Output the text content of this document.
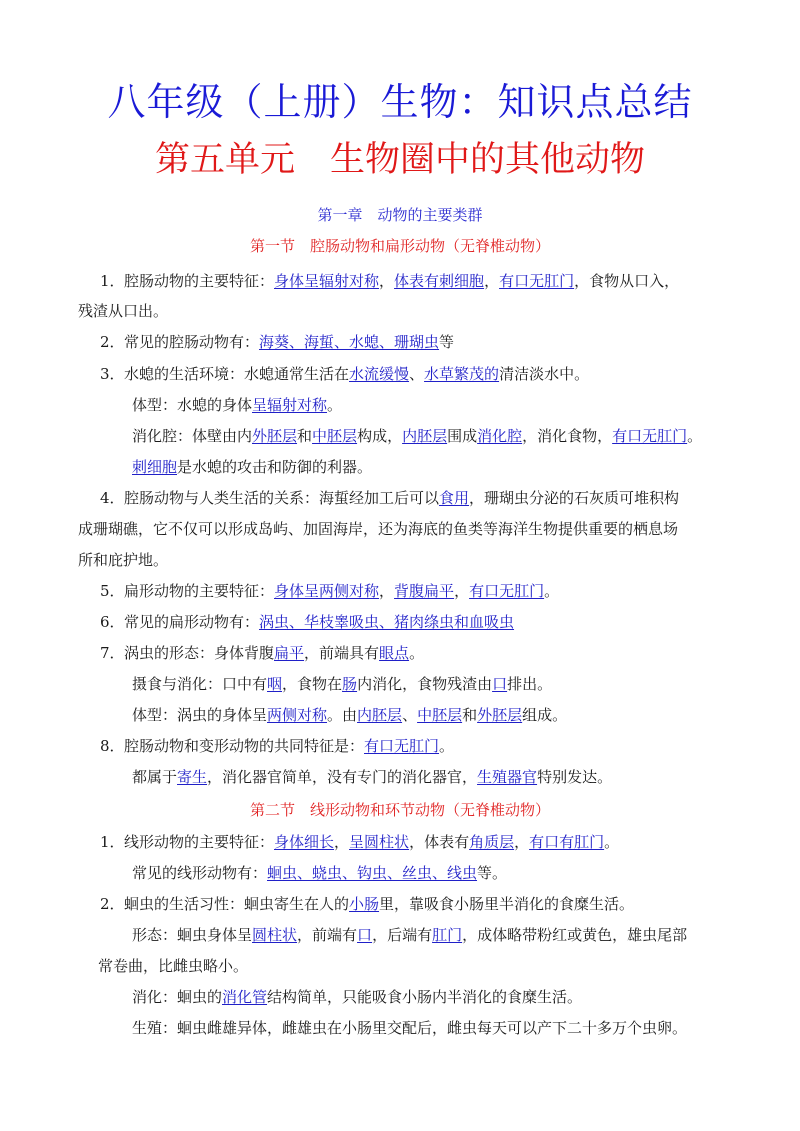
八年级（上册）生物：知识点总结
第五单元　生物圈中的其他动物
第一章　动物的主要类群
第一节　腔肠动物和扁形动物（无脊椎动物）
1．腔肠动物的主要特征：身体呈辐射对称，体表有刺细胞，有口无肛门，食物从口入，
残渣从口出。
2．常见的腔肠动物有：海葵、海蜇、水螅、珊瑚虫等
3．水螅的生活环境：水螅通常生活在水流缓慢、水草繁茂的清洁淡水中。
体型：水螅的身体呈辐射对称。
消化腔：体壁由内外胚层和中胚层构成，内胚层围成消化腔，消化食物，有口无肛门。
刺细胞是水螅的攻击和防御的利器。
4．腔肠动物与人类生活的关系：海蜇经加工后可以食用，珊瑚虫分泌的石灰质可堆积构
成珊瑚礁，它不仅可以形成岛屿、加固海岸，还为海底的鱼类等海洋生物提供重要的栖息场
所和庇护地。
5．扁形动物的主要特征：身体呈两侧对称，背腹扁平，有口无肛门。
6．常见的扁形动物有：涡虫、华枝睾吸虫、猪肉绦虫和血吸虫
7．涡虫的形态：身体背腹扁平，前端具有眼点。
摄食与消化：口中有咽，食物在肠内消化，食物残渣由口排出。
体型：涡虫的身体呈两侧对称。由内胚层、中胚层和外胚层组成。
8．腔肠动物和变形动物的共同特征是：有口无肛门。
都属于寄生，消化器官简单，没有专门的消化器官，生殖器官特别发达。
第二节　线形动物和环节动物（无脊椎动物）
1．线形动物的主要特征：身体细长，呈圆柱状，体表有角质层，有口有肛门。
常见的线形动物有：蛔虫、蛲虫、钩虫、丝虫、线虫等。
2．蛔虫的生活习性：蛔虫寄生在人的小肠里，靠吸食小肠里半消化的食糜生活。
形态：蛔虫身体呈圆柱状，前端有口，后端有肛门，成体略带粉红或黄色，雄虫尾部
常卷曲，比雌虫略小。
消化：蛔虫的消化管结构简单，只能吸食小肠内半消化的食糜生活。
生殖：蛔虫雌雄异体，雌雄虫在小肠里交配后，雌虫每天可以产下二十多万个虫卵。
